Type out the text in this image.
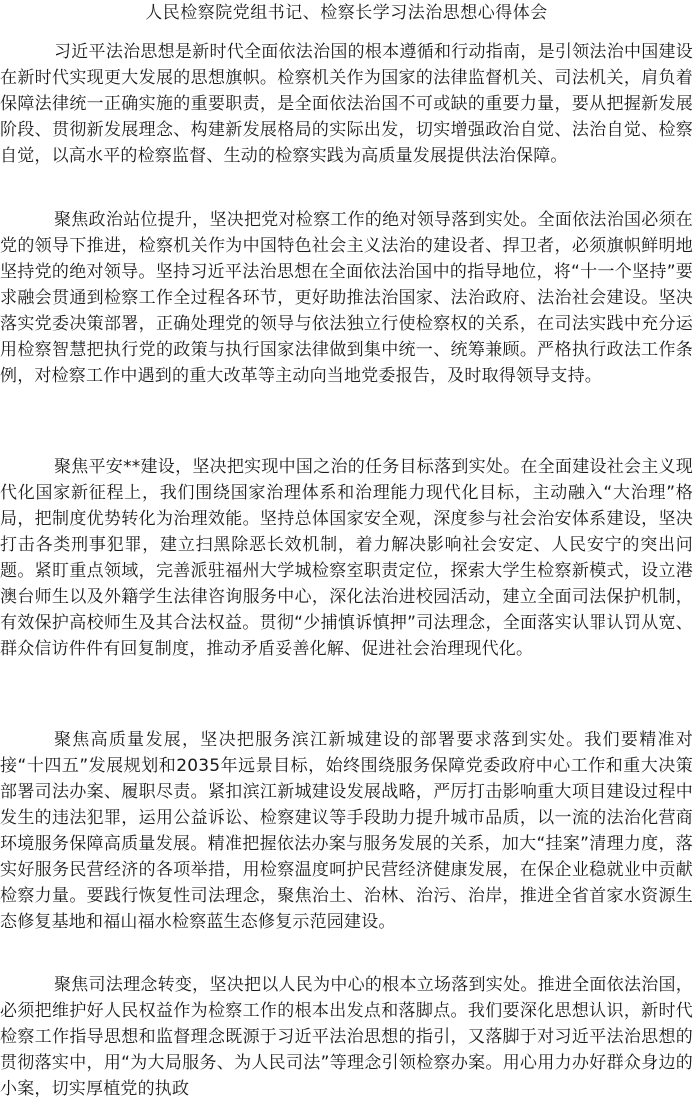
人民检察院党组书记、检察长学习法治思想心得体会

习近平法治思想是新时代全面依法治国的根本遵循和行动指南，是引领法治中国建设在新时代实现更大发展的思想旗帜。检察机关作为国家的法律监督机关、司法机关，肩负着保障法律统一正确实施的重要职责，是全面依法治国不可或缺的重要力量，要从把握新发展阶段、贯彻新发展理念、构建新发展格局的实际出发，切实增强政治自觉、法治自觉、检察自觉，以高水平的检察监督、生动的检察实践为高质量发展提供法治保障。

聚焦政治站位提升，坚决把党对检察工作的绝对领导落到实处。全面依法治国必须在党的领导下推进，检察机关作为中国特色社会主义法治的建设者、捍卫者，必须旗帜鲜明地坚持党的绝对领导。坚持习近平法治思想在全面依法治国中的指导地位，将“十一个坚持”要求融会贯通到检察工作全过程各环节，更好助推法治国家、法治政府、法治社会建设。坚决落实党委决策部署，正确处理党的领导与依法独立行使检察权的关系，在司法实践中充分运用检察智慧把执行党的政策与执行国家法律做到集中统一、统筹兼顾。严格执行政法工作条例，对检察工作中遇到的重大改革等主动向当地党委报告，及时取得领导支持。

聚焦平安**建设，坚决把实现中国之治的任务目标落到实处。在全面建设社会主义现代化国家新征程上，我们围绕国家治理体系和治理能力现代化目标，主动融入“大治理”格局，把制度优势转化为治理效能。坚持总体国家安全观，深度参与社会治安体系建设，坚决打击各类刑事犯罪，建立扫黑除恶长效机制，着力解决影响社会安定、人民安宁的突出问题。紧盯重点领域，完善派驻福州大学城检察室职责定位，探索大学生检察新模式，设立港澳台师生以及外籍学生法律咨询服务中心，深化法治进校园活动，建立全面司法保护机制，有效保护高校师生及其合法权益。贯彻“少捕慎诉慎押”司法理念，全面落实认罪认罚从宽、群众信访件件有回复制度，推动矛盾妥善化解、促进社会治理现代化。

聚焦高质量发展，坚决把服务滨江新城建设的部署要求落到实处。我们要精准对接“十四五”发展规划和2035年远景目标，始终围绕服务保障党委政府中心工作和重大决策部署司法办案、履职尽责。紧扣滨江新城建设发展战略，严厉打击影响重大项目建设过程中发生的违法犯罪，运用公益诉讼、检察建议等手段助力提升城市品质，以一流的法治化营商环境服务保障高质量发展。精准把握依法办案与服务发展的关系，加大“挂案”清理力度，落实好服务民营经济的各项举措，用检察温度呵护民营经济健康发展，在保企业稳就业中贡献检察力量。要践行恢复性司法理念，聚焦治土、治林、治污、治岸，推进全省首家水资源生态修复基地和福山福水检察蓝生态修复示范园建设。

聚焦司法理念转变，坚决把以人民为中心的根本立场落到实处。推进全面依法治国，必须把维护好人民权益作为检察工作的根本出发点和落脚点。我们要深化思想认识，新时代检察工作指导思想和监督理念既源于习近平法治思想的指引，又落脚于对习近平法治思想的贯彻落实中，用“为大局服务、为人民司法”等理念引领检察办案。用心用力办好群众身边的小案，切实厚植党的执政
